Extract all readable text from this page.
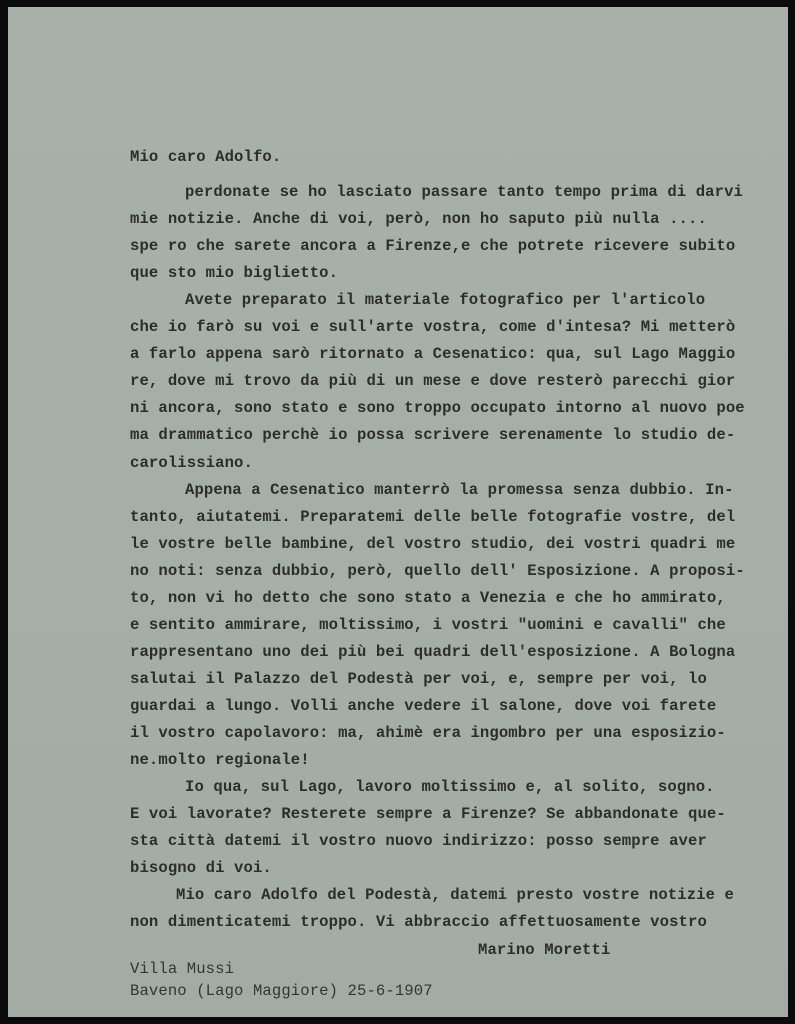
Mio caro Adolfo.
perdonate se ho lasciato passare tanto tempo prima di darvi
mie notizie. Anche di voi, però, non ho saputo più nulla ....
spe ro che sarete ancora a Firenze,e che potrete ricevere subito
que sto mio biglietto.
Avete preparato il materiale fotografico per l'articolo
che io farò su voi e sull'arte vostra, come d'intesa? Mi metterò
a farlo appena sarò ritornato a Cesenatico: qua, sul Lago Maggio
re, dove mi trovo da più di un mese e dove resterò parecchi gior
ni ancora, sono stato e sono troppo occupato intorno al nuovo poe
ma drammatico perchè io possa scrivere serenamente lo studio de-
carolissiano.
Appena a Cesenatico manterrò la promessa senza dubbio. In-
tanto, aiutatemi. Preparatemi delle belle fotografie vostre, del
le vostre belle bambine, del vostro studio, dei vostri quadri me
no noti: senza dubbio, però, quello dell' Esposizione. A proposi-
to, non vi ho detto che sono stato a Venezia e che ho ammirato,
e sentito ammirare, moltissimo, i vostri "uomini e cavalli" che
rappresentano uno dei più bei quadri dell'esposizione. A Bologna
salutai il Palazzo del Podestà per voi, e, sempre per voi, lo
guardai a lungo. Volli anche vedere il salone, dove voi farete
il vostro capolavoro: ma, ahimè era ingombro per una esposizio-
ne.molto regionale!
Io qua, sul Lago, lavoro moltissimo e, al solito, sogno.
E voi lavorate? Resterete sempre a Firenze? Se abbandonate que-
sta città datemi il vostro nuovo indirizzo: posso sempre aver
bisogno di voi.
Mio caro Adolfo del Podestà, datemi presto vostre notizie e
non dimenticatemi troppo. Vi abbraccio affettuosamente vostro
Marino Moretti
Villa Mussi
Baveno (Lago Maggiore) 25-6-1907
